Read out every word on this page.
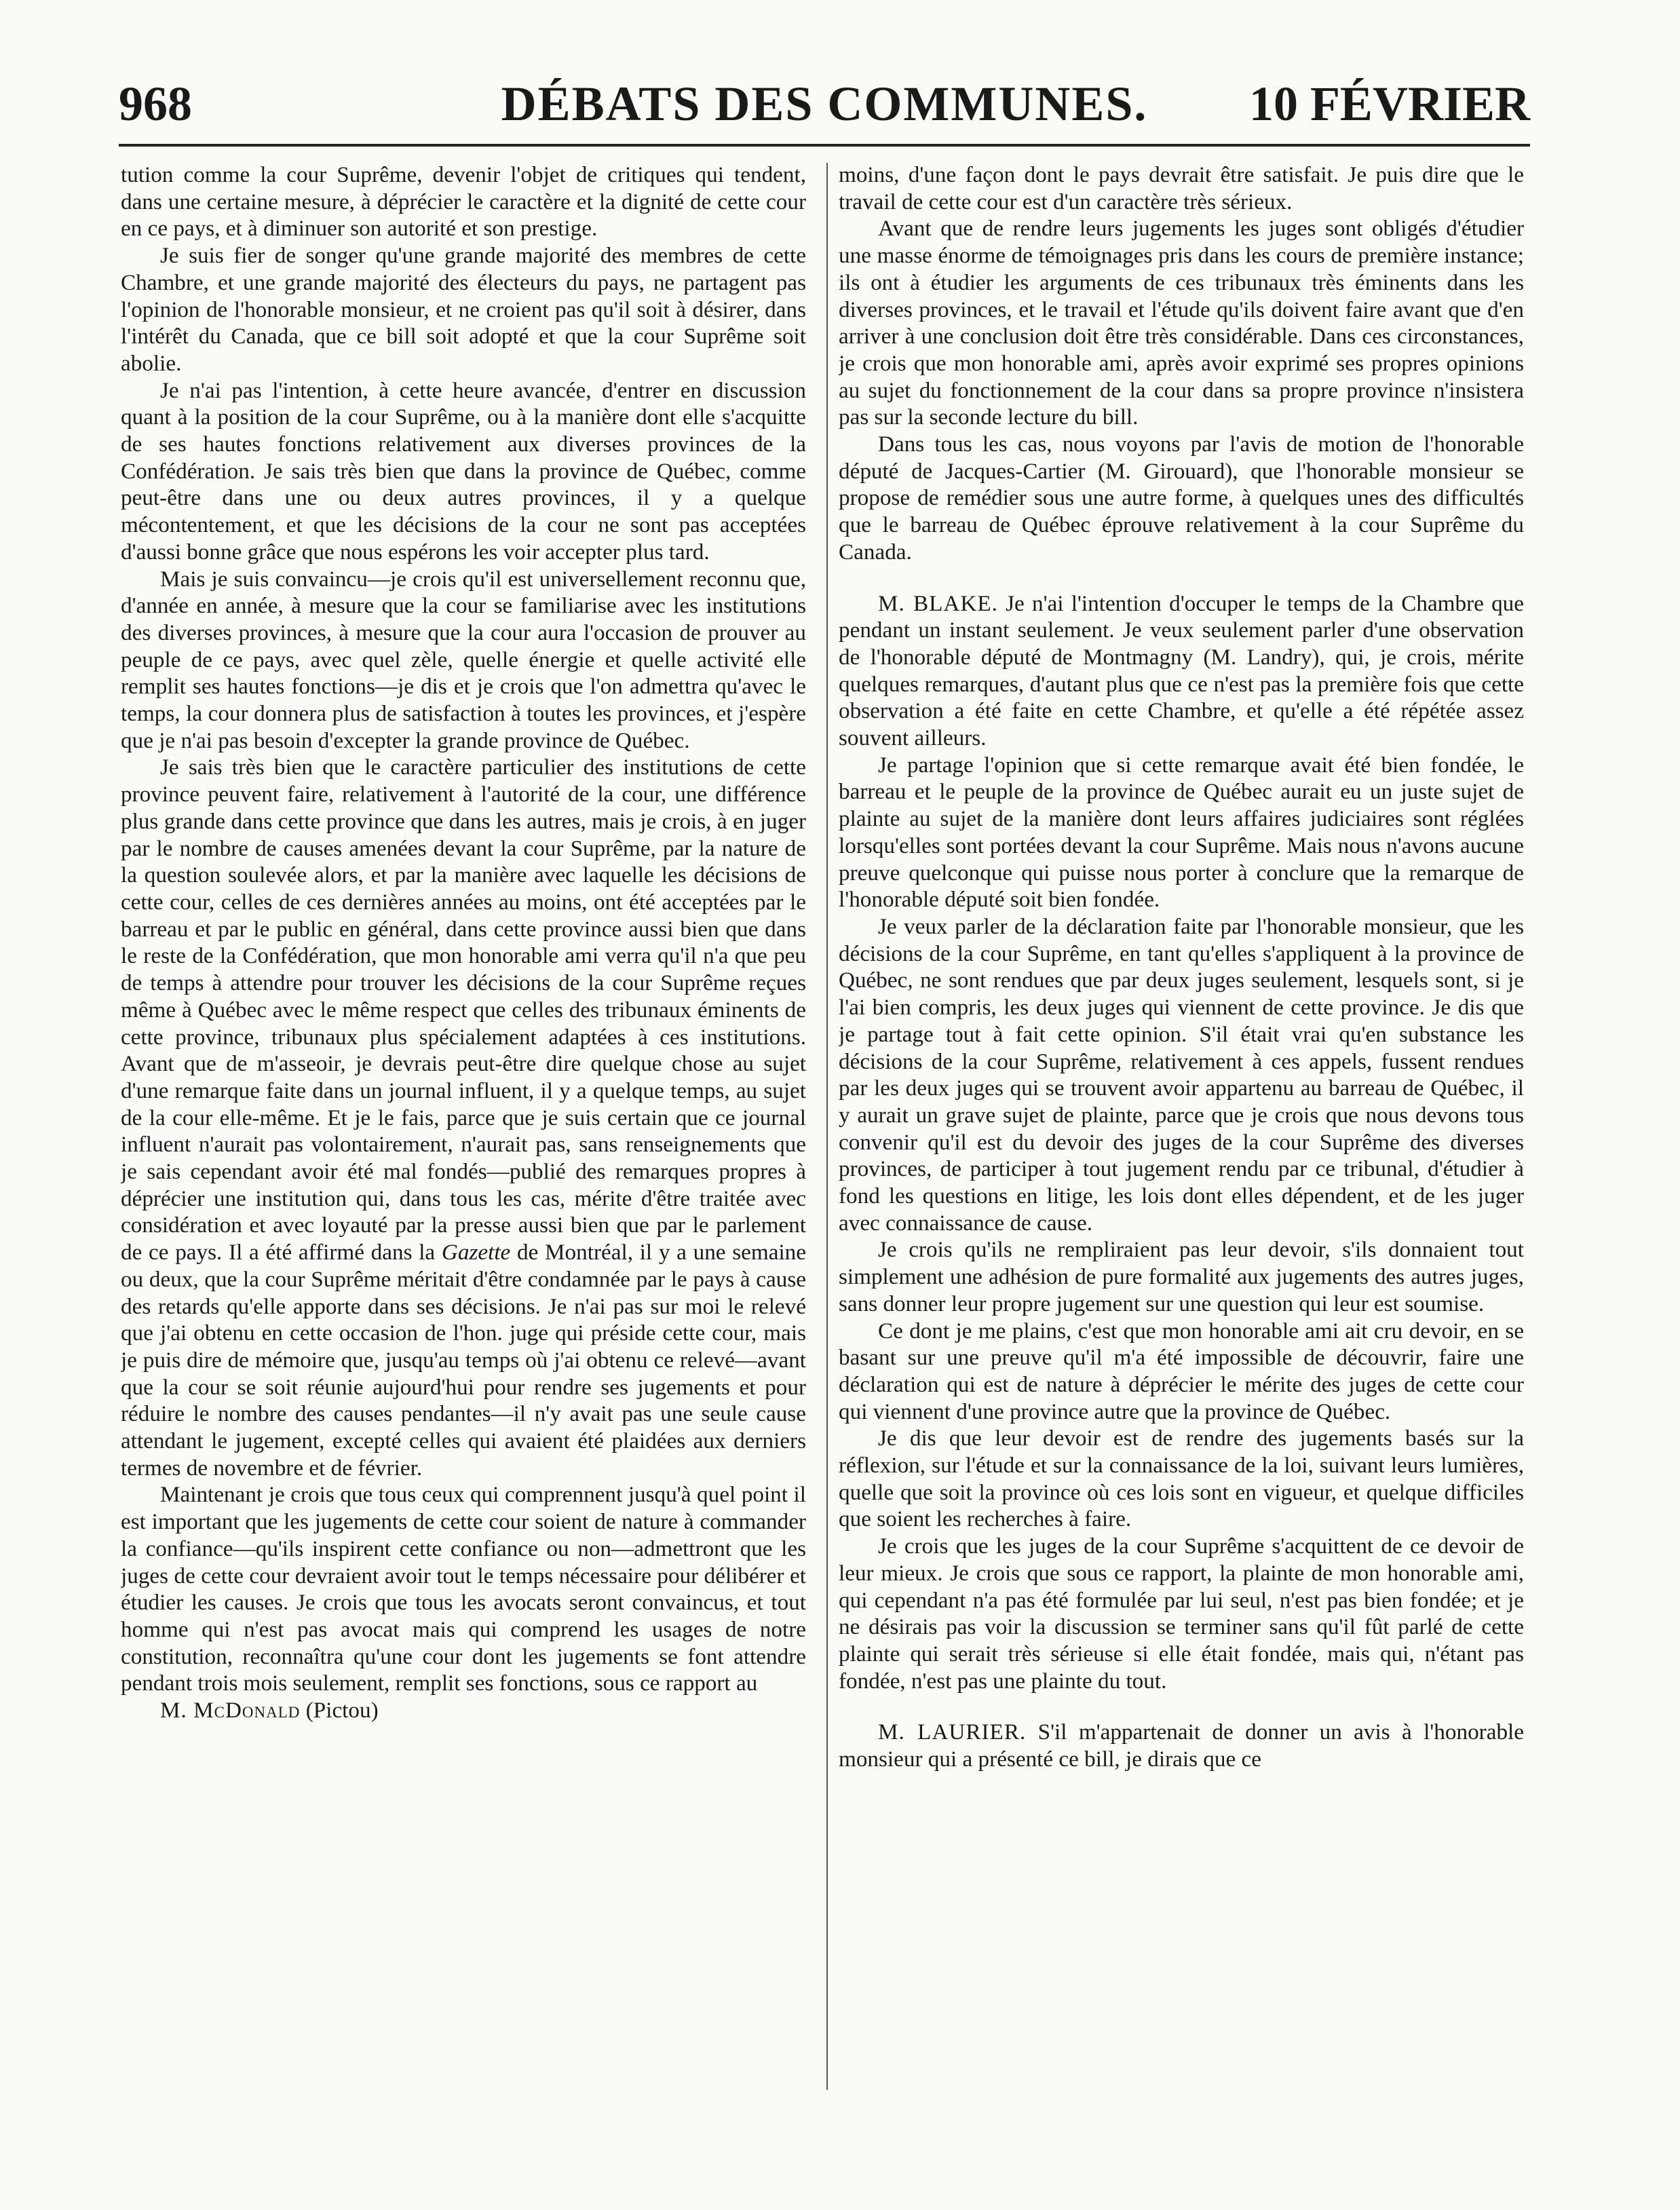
968	DÉBATS DES COMMUNES.	10 FÉVRIER

tution comme la cour Suprême, devenir l'objet de critiques qui tendent, dans une certaine mesure, à déprécier le caractère et la dignité de cette cour en ce pays, et à diminuer son autorité et son prestige.

Je suis fier de songer qu'une grande majorité des membres de cette Chambre, et une grande majorité des électeurs du pays, ne partagent pas l'opinion de l'honorable monsieur, et ne croient pas qu'il soit à désirer, dans l'intérêt du Canada, que ce bill soit adopté et que la cour Suprême soit abolie.

Je n'ai pas l'intention, à cette heure avancée, d'entrer en discussion quant à la position de la cour Suprême, ou à la manière dont elle s'acquitte de ses hautes fonctions relativement aux diverses provinces de la Confédération. Je sais très bien que dans la province de Québec, comme peut-être dans une ou deux autres provinces, il y a quelque mécontentement, et que les décisions de la cour ne sont pas acceptées d'aussi bonne grâce que nous espérons les voir accepter plus tard.

Mais je suis convaincu—je crois qu'il est universellement reconnu que, d'année en année, à mesure que la cour se familiarise avec les institutions des diverses provinces, à mesure que la cour aura l'occasion de prouver au peuple de ce pays, avec quel zèle, quelle énergie et quelle activité elle remplit ses hautes fonctions—je dis et je crois que l'on admettra qu'avec le temps, la cour donnera plus de satisfaction à toutes les provinces, et j'espère que je n'ai pas besoin d'excepter la grande province de Québec.

Je sais très bien que le caractère particulier des institutions de cette province peuvent faire, relativement à l'autorité de la cour, une différence plus grande dans cette province que dans les autres, mais je crois, à en juger par le nombre de causes amenées devant la cour Suprême, par la nature de la question soulevée alors, et par la manière avec laquelle les décisions de cette cour, celles de ces dernières années au moins, ont été acceptées par le barreau et par le public en général, dans cette province aussi bien que dans le reste de la Confédération, que mon honorable ami verra qu'il n'a que peu de temps à attendre pour trouver les décisions de la cour Suprême reçues même à Québec avec le même respect que celles des tribunaux éminents de cette province, tribunaux plus spécialement adaptées à ces institutions. Avant que de m'asseoir, je devrais peut-être dire quelque chose au sujet d'une remarque faite dans un journal influent, il y a quelque temps, au sujet de la cour elle-même. Et je le fais, parce que je suis certain que ce journal influent n'aurait pas volontairement, n'aurait pas, sans renseignements que je sais cependant avoir été mal fondés—publié des remarques propres à déprécier une institution qui, dans tous les cas, mérite d'être traitée avec considération et avec loyauté par la presse aussi bien que par le parlement de ce pays. Il a été affirmé dans la Gazette de Montréal, il y a une semaine ou deux, que la cour Suprême méritait d'être condamnée par le pays à cause des retards qu'elle apporte dans ses décisions. Je n'ai pas sur moi le relevé que j'ai obtenu en cette occasion de l'hon. juge qui préside cette cour, mais je puis dire de mémoire que, jusqu'au temps où j'ai obtenu ce relevé—avant que la cour se soit réunie aujourd'hui pour rendre ses jugements et pour réduire le nombre des causes pendantes—il n'y avait pas une seule cause attendant le jugement, excepté celles qui avaient été plaidées aux derniers termes de novembre et de février.

Maintenant je crois que tous ceux qui comprennent jusqu'à quel point il est important que les jugements de cette cour soient de nature à commander la confiance—qu'ils inspirent cette confiance ou non—admettront que les juges de cette cour devraient avoir tout le temps nécessaire pour délibérer et étudier les causes. Je crois que tous les avocats seront convaincus, et tout homme qui n'est pas avocat mais qui comprend les usages de notre constitution, reconnaîtra qu'une cour dont les jugements se font attendre pendant trois mois seulement, remplit ses fonctions, sous ce rapport au

M. McDonald (Pictou)

moins, d'une façon dont le pays devrait être satisfait. Je puis dire que le travail de cette cour est d'un caractère très sérieux.

Avant que de rendre leurs jugements les juges sont obligés d'étudier une masse énorme de témoignages pris dans les cours de première instance; ils ont à étudier les arguments de ces tribunaux très éminents dans les diverses provinces, et le travail et l'étude qu'ils doivent faire avant que d'en arriver à une conclusion doit être très considérable. Dans ces circonstances, je crois que mon honorable ami, après avoir exprimé ses propres opinions au sujet du fonctionnement de la cour dans sa propre province n'insistera pas sur la seconde lecture du bill.

Dans tous les cas, nous voyons par l'avis de motion de l'honorable député de Jacques-Cartier (M. Girouard), que l'honorable monsieur se propose de remédier sous une autre forme, à quelques unes des difficultés que le barreau de Québec éprouve relativement à la cour Suprême du Canada.

M. BLAKE. Je n'ai l'intention d'occuper le temps de la Chambre que pendant un instant seulement. Je veux seulement parler d'une observation de l'honorable député de Montmagny (M. Landry), qui, je crois, mérite quelques remarques, d'autant plus que ce n'est pas la première fois que cette observation a été faite en cette Chambre, et qu'elle a été répétée assez souvent ailleurs.

Je partage l'opinion que si cette remarque avait été bien fondée, le barreau et le peuple de la province de Québec aurait eu un juste sujet de plainte au sujet de la manière dont leurs affaires judiciaires sont réglées lorsqu'elles sont portées devant la cour Suprême. Mais nous n'avons aucune preuve quelconque qui puisse nous porter à conclure que la remarque de l'honorable député soit bien fondée.

Je veux parler de la déclaration faite par l'honorable monsieur, que les décisions de la cour Suprême, en tant qu'elles s'appliquent à la province de Québec, ne sont rendues que par deux juges seulement, lesquels sont, si je l'ai bien compris, les deux juges qui viennent de cette province. Je dis que je partage tout à fait cette opinion. S'il était vrai qu'en substance les décisions de la cour Suprême, relativement à ces appels, fussent rendues par les deux juges qui se trouvent avoir appartenu au barreau de Québec, il y aurait un grave sujet de plainte, parce que je crois que nous devons tous convenir qu'il est du devoir des juges de la cour Suprême des diverses provinces, de participer à tout jugement rendu par ce tribunal, d'étudier à fond les questions en litige, les lois dont elles dépendent, et de les juger avec connaissance de cause.

Je crois qu'ils ne rempliraient pas leur devoir, s'ils donnaient tout simplement une adhésion de pure formalité aux jugements des autres juges, sans donner leur propre jugement sur une question qui leur est soumise.

Ce dont je me plains, c'est que mon honorable ami ait cru devoir, en se basant sur une preuve qu'il m'a été impossible de découvrir, faire une déclaration qui est de nature à déprécier le mérite des juges de cette cour qui viennent d'une province autre que la province de Québec.

Je dis que leur devoir est de rendre des jugements basés sur la réflexion, sur l'étude et sur la connaissance de la loi, suivant leurs lumières, quelle que soit la province où ces lois sont en vigueur, et quelque difficiles que soient les recherches à faire.

Je crois que les juges de la cour Suprême s'acquittent de ce devoir de leur mieux. Je crois que sous ce rapport, la plainte de mon honorable ami, qui cependant n'a pas été formulée par lui seul, n'est pas bien fondée; et je ne désirais pas voir la discussion se terminer sans qu'il fût parlé de cette plainte qui serait très sérieuse si elle était fondée, mais qui, n'étant pas fondée, n'est pas une plainte du tout.

M. LAURIER. S'il m'appartenait de donner un avis à l'honorable monsieur qui a présenté ce bill, je dirais que ce
